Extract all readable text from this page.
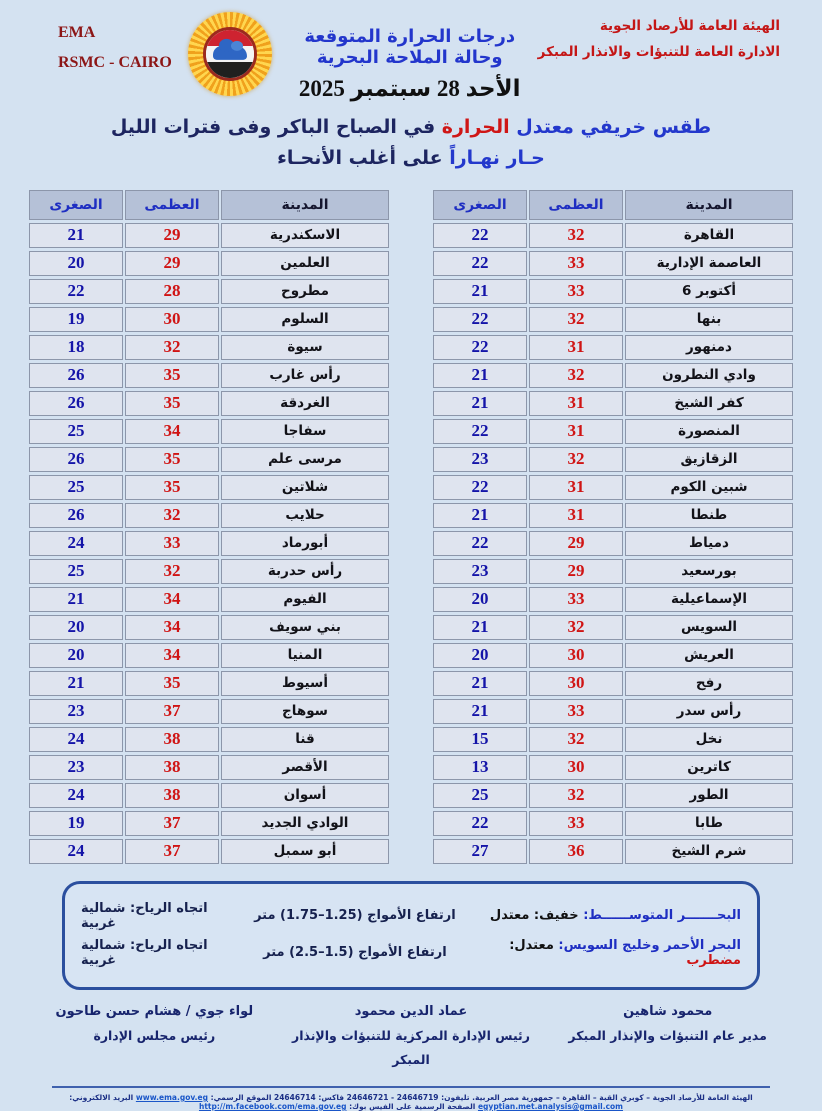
EMA
RSMC - CAIRO
درجات الحرارة المتوقعة وحالة الملاحة البحرية
الأحد 28 سبتمبر 2025
الهيئة العامة للأرصاد الجوية
الادارة العامة للتنبؤات والانذار المبكر
طقس خريفي معتدل الحرارة في الصباح الباكر وفى فترات الليل
حـار نهـاراً على أغلب الأنحـاء
المدينة	العظمى	الصغرى
القاهرة	32	22
العاصمة الإدارية	33	22
أكتوبر 6	33	21
بنها	32	22
دمنهور	31	22
وادي النطرون	32	21
كفر الشيخ	31	21
المنصورة	31	22
الزقازيق	32	23
شبين الكوم	31	22
طنطا	31	21
دمياط	29	22
بورسعيد	29	23
الإسماعيلية	33	20
السويس	32	21
العريش	30	20
رفح	30	21
رأس سدر	33	21
نخل	32	15
كاترين	30	13
الطور	32	25
طابا	33	22
شرم الشيخ	36	27
المدينة	العظمى	الصغرى
الاسكندرية	29	21
العلمين	29	20
مطروح	28	22
السلوم	30	19
سيوة	32	18
رأس غارب	35	26
الغردقة	35	26
سفاجا	34	25
مرسى علم	35	26
شلاتين	35	25
حلايب	32	26
أبورماد	33	24
رأس حدربة	32	25
الفيوم	34	21
بني سويف	34	20
المنيا	34	20
أسيوط	35	21
سوهاج	37	23
قنا	38	24
الأقصر	38	23
أسوان	38	24
الوادي الجديد	37	19
أبو سمبل	37	24
البحـــــــر المتوســــــط: خفيف: معتدل
ارتفاع الأمواج (1.25–1.75) متر
اتجاه الرياح: شمالية غربية
البحر الأحمر وخليج السويس: معتدل: مضطرب
ارتفاع الأمواج (1.5–2.5) متر
اتجاه الرياح: شمالية غربية
محمود شاهين
مدير عام التنبؤات والإنذار المبكر
عماد الدين محمود
رئيس الإدارة المركزية للتنبؤات والإنذار المبكر
لواء جوي / هشام حسن طاحون
رئيس مجلس الإدارة
الهيئة العامة للأرصاد الجوية – كوبري القبة – القاهرة – جمهورية مصر العربية. تليفون: 24646719 - 24646721 فاكس: 24646714 الموقع الرسمي: www.ema.gov.eg البريد الالكتروني: egyptian.met.analysis@gmail.com الصفحة الرسمية على الفيس بوك: http://m.facebook.com/ema.gov.eg
